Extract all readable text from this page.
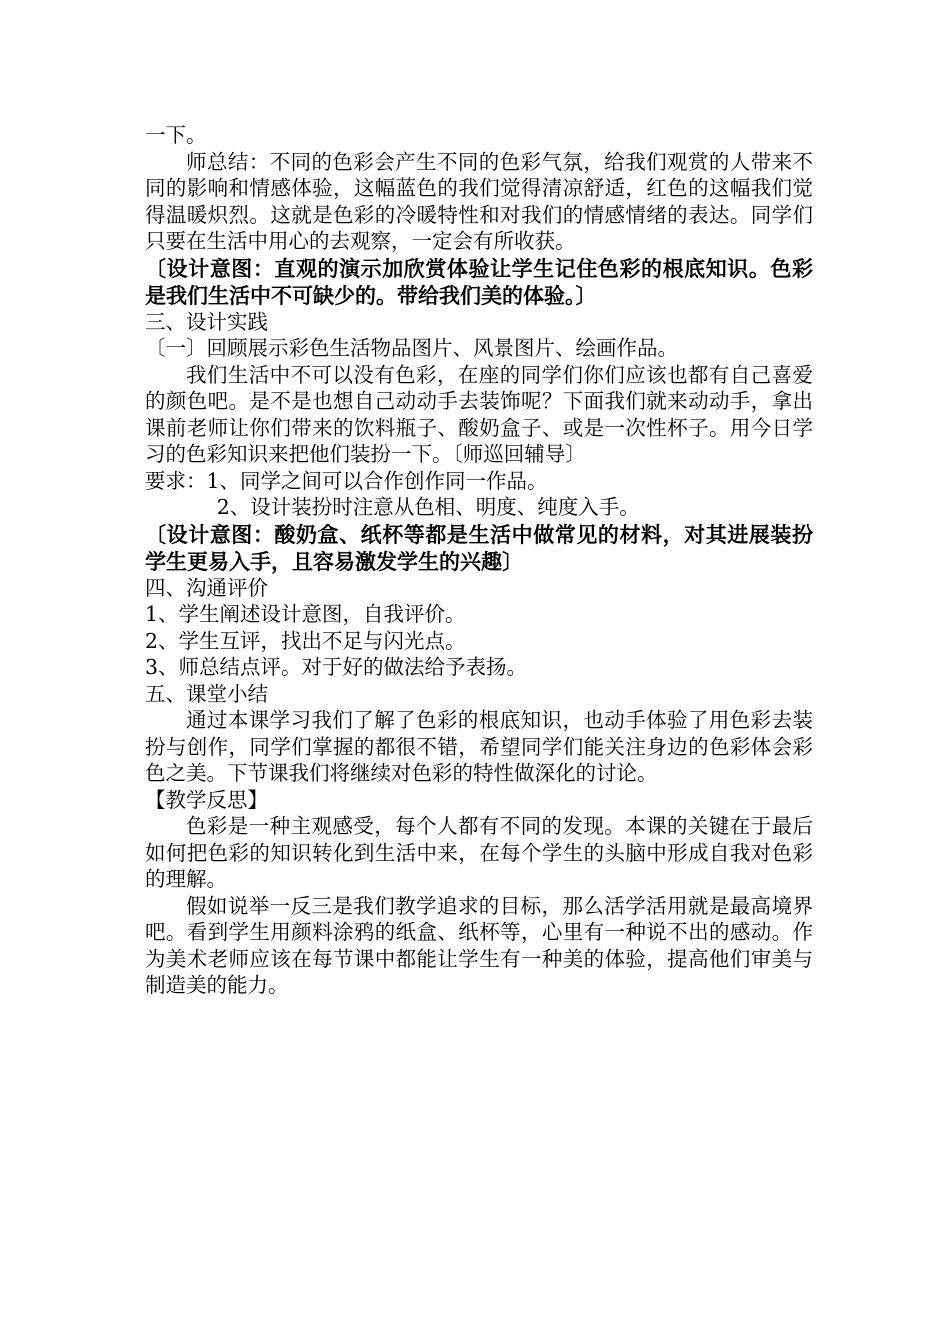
一下。

师总结：不同的色彩会产生不同的色彩气氛，给我们观赏的人带来不同的影响和情感体验，这幅蓝色的我们觉得清凉舒适，红色的这幅我们觉得温暖炽烈。这就是色彩的冷暖特性和对我们的情感情绪的表达。同学们只要在生活中用心的去观察，一定会有所收获。

〔设计意图：直观的演示加欣赏体验让学生记住色彩的根底知识。色彩是我们生活中不可缺少的。带给我们美的体验。〕

三、设计实践

〔一〕回顾展示彩色生活物品图片、风景图片、绘画作品。

我们生活中不可以没有色彩，在座的同学们你们应该也都有自己喜爱的颜色吧。是不是也想自己动动手去装饰呢？下面我们就来动动手，拿出课前老师让你们带来的饮料瓶子、酸奶盒子、或是一次性杯子。用今日学习的色彩知识来把他们装扮一下。〔师巡回辅导〕

要求：1、同学之间可以合作创作同一作品。

2、设计装扮时注意从色相、明度、纯度入手。

〔设计意图：酸奶盒、纸杯等都是生活中做常见的材料，对其进展装扮学生更易入手，且容易激发学生的兴趣〕

四、沟通评价

1、学生阐述设计意图，自我评价。

2、学生互评，找出不足与闪光点。

3、师总结点评。对于好的做法给予表扬。

五、课堂小结

通过本课学习我们了解了色彩的根底知识，也动手体验了用色彩去装扮与创作，同学们掌握的都很不错，希望同学们能关注身边的色彩体会彩色之美。下节课我们将继续对色彩的特性做深化的讨论。

【教学反思】

色彩是一种主观感受，每个人都有不同的发现。本课的关键在于最后如何把色彩的知识转化到生活中来，在每个学生的头脑中形成自我对色彩的理解。

假如说举一反三是我们教学追求的目标，那么活学活用就是最高境界吧。看到学生用颜料涂鸦的纸盒、纸杯等，心里有一种说不出的感动。作为美术老师应该在每节课中都能让学生有一种美的体验，提高他们审美与制造美的能力。
